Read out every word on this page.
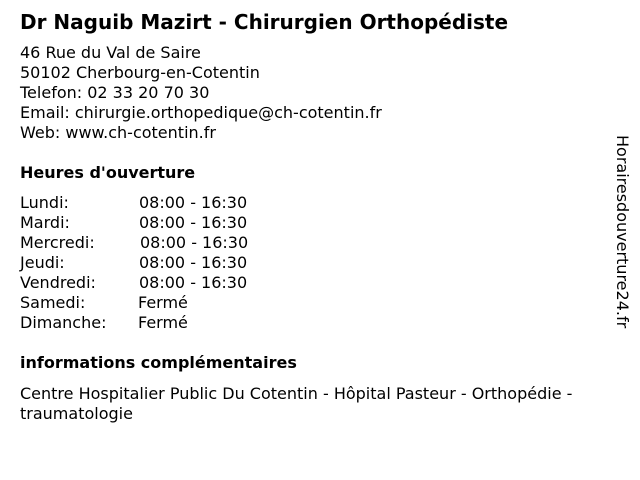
Dr Naguib Mazirt - Chirurgien Orthopédiste
46 Rue du Val de Saire
50102 Cherbourg-en-Cotentin
Telefon: 02 33 20 70 30
Email: chirurgie.orthopedique@ch-cotentin.fr
Web: www.ch-cotentin.fr
Heures d'ouverture
Lundi:	08:00 - 16:30
Mardi:	08:00 - 16:30
Mercredi:	08:00 - 16:30
Jeudi:	08:00 - 16:30
Vendredi:	08:00 - 16:30
Samedi:	Fermé
Dimanche: Fermé
informations complémentaires
Centre Hospitalier Public Du Cotentin - Hôpital Pasteur - Orthopédie - traumatologie
Horairesdouverture24.fr
